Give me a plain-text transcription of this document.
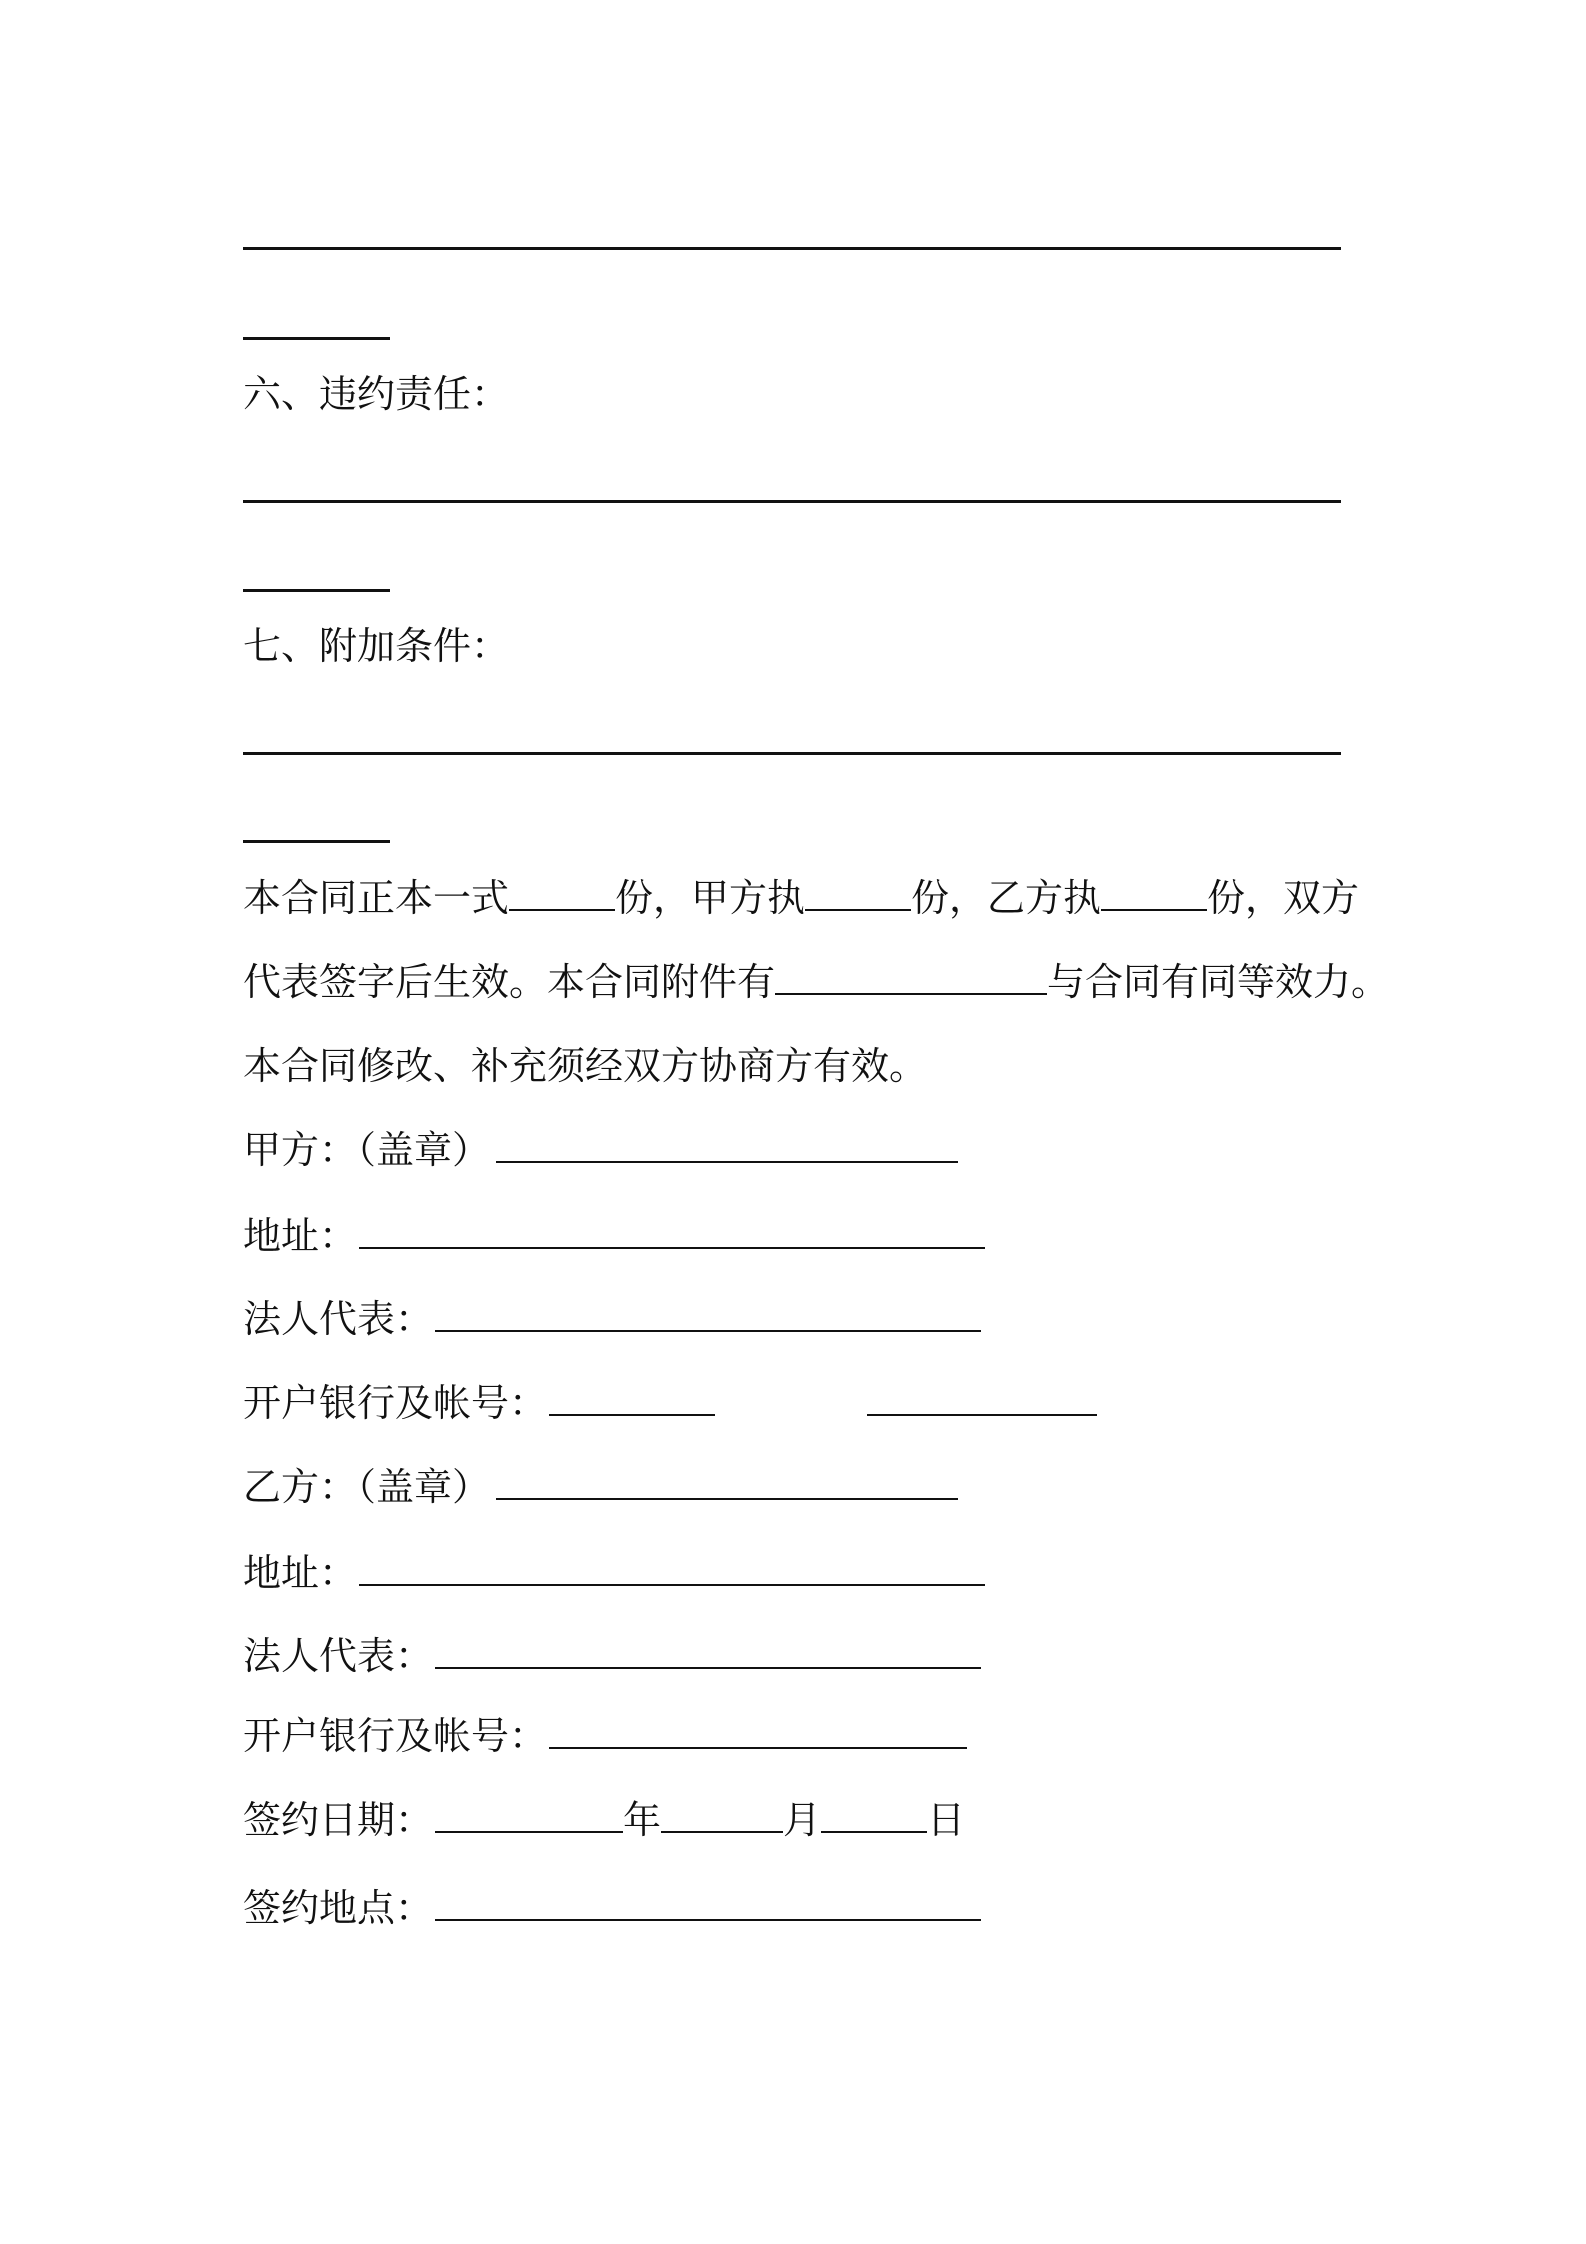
六、违约责任：
七、附加条件：
本合同正本一式	份，甲方执	份，乙方执	份，双方
代表签字后生效。本合同附件有	与合同有同等效力。
本合同修改、补充须经双方协商方有效。
甲方：（盖章）
地址：
法人代表：
开户银行及帐号：
乙方：（盖章）
地址：
法人代表：
开户银行及帐号：
签约日期：	年	月	日
签约地点：
